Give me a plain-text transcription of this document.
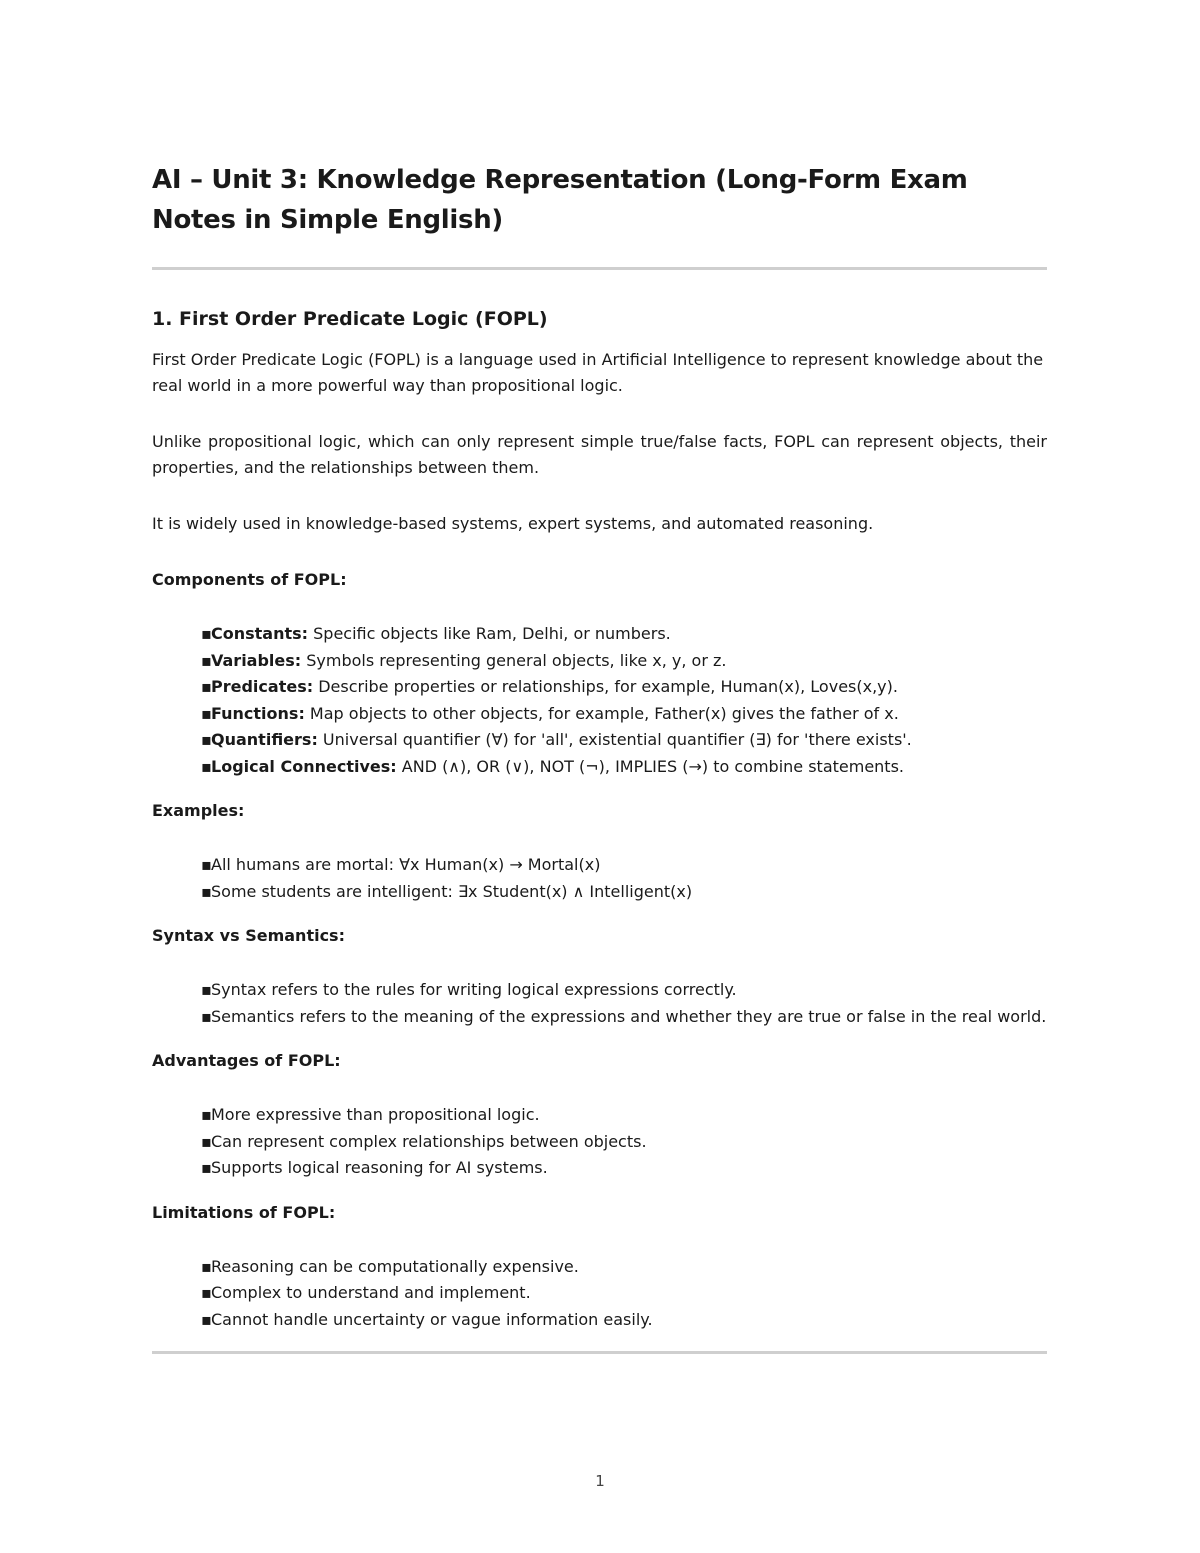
AI – Unit 3: Knowledge Representation (Long-Form Exam Notes in Simple English)
1. First Order Predicate Logic (FOPL)

First Order Predicate Logic (FOPL) is a language used in Artificial Intelligence to represent knowledge about the real world in a more powerful way than propositional logic.

Unlike propositional logic, which can only represent simple true/false facts, FOPL can represent objects, their properties, and the relationships between them.

It is widely used in knowledge-based systems, expert systems, and automated reasoning.

Components of FOPL:

▪ Constants: Specific objects like Ram, Delhi, or numbers.
▪ Variables: Symbols representing general objects, like x, y, or z.
▪ Predicates: Describe properties or relationships, for example, Human(x), Loves(x,y).
▪ Functions: Map objects to other objects, for example, Father(x) gives the father of x.
▪ Quantifiers: Universal quantifier (∀) for 'all', existential quantifier (∃) for 'there exists'.
▪ Logical Connectives: AND (∧), OR (∨), NOT (¬), IMPLIES (→) to combine statements.

Examples:

▪ All humans are mortal: ∀x Human(x) → Mortal(x)
▪ Some students are intelligent: ∃x Student(x) ∧ Intelligent(x)

Syntax vs Semantics:

▪ Syntax refers to the rules for writing logical expressions correctly.
▪ Semantics refers to the meaning of the expressions and whether they are true or false in the real world.

Advantages of FOPL:

▪ More expressive than propositional logic.
▪ Can represent complex relationships between objects.
▪ Supports logical reasoning for AI systems.

Limitations of FOPL:

▪ Reasoning can be computationally expensive.
▪ Complex to understand and implement.
▪ Cannot handle uncertainty or vague information easily.
1
